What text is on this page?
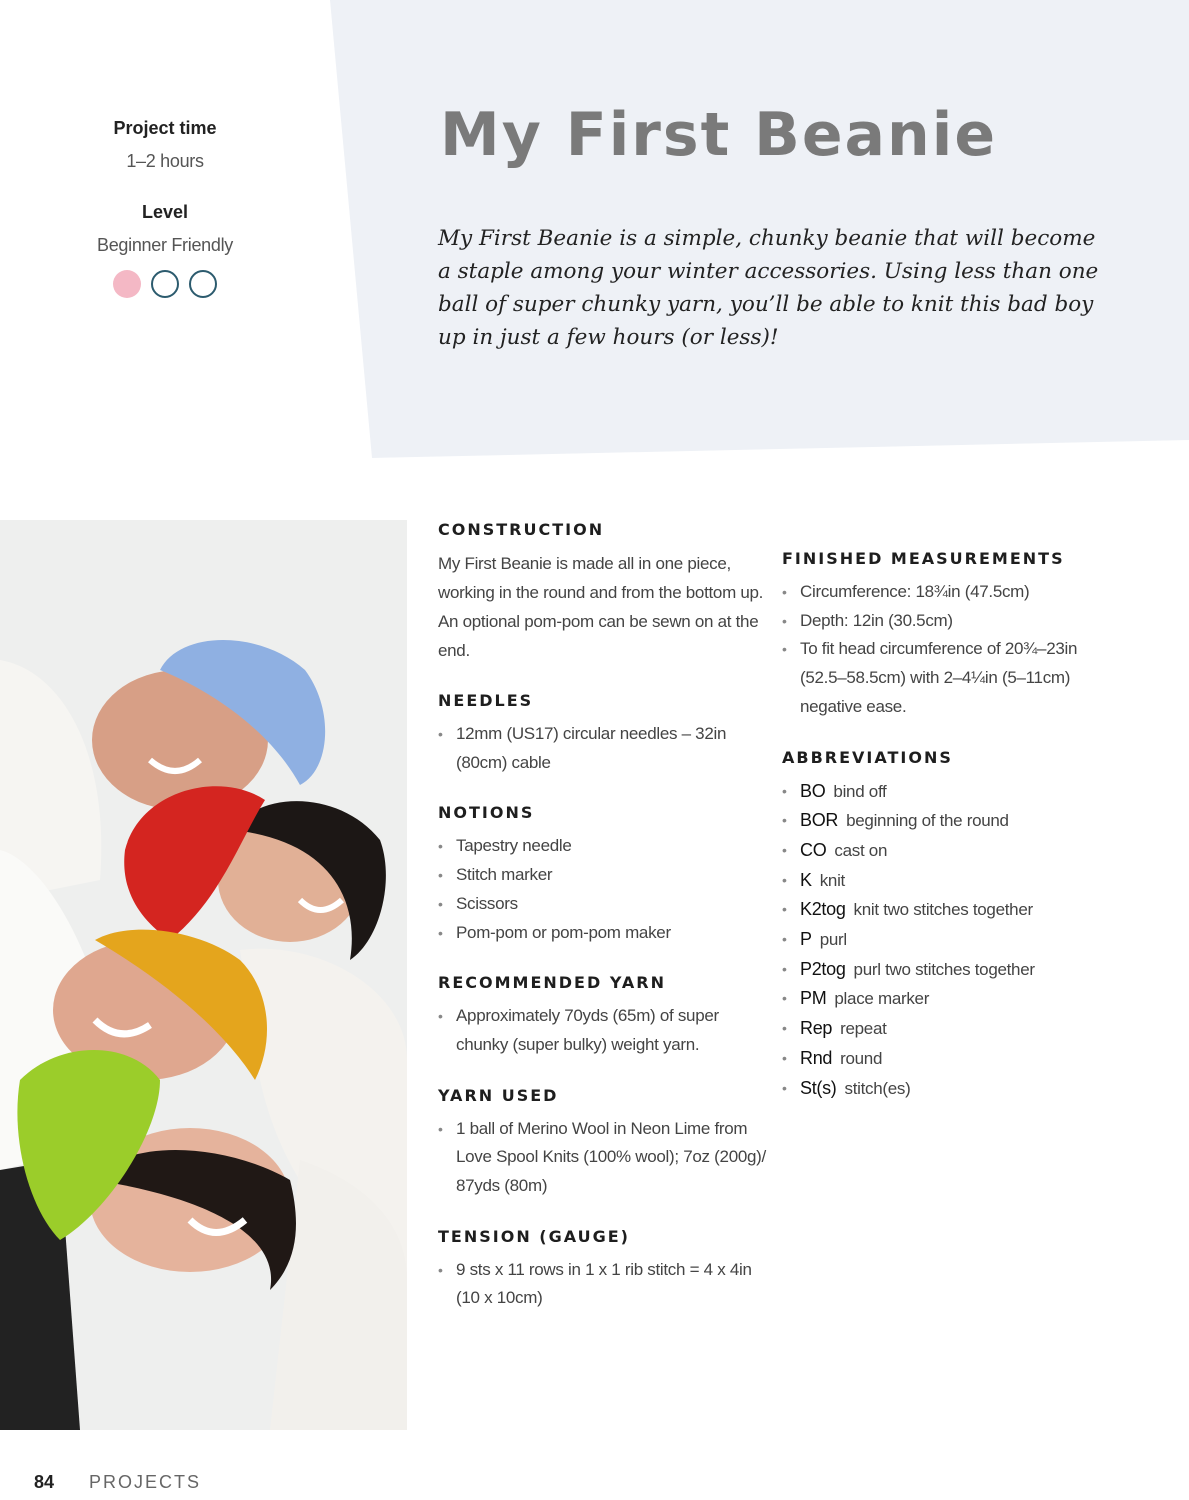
Project time
1–2 hours
Level
Beginner Friendly
My First Beanie

My First Beanie is a simple, chunky beanie that will become a staple among your winter accessories. Using less than one ball of super chunky yarn, you’ll be able to knit this bad boy up in just a few hours (or less)!

CONSTRUCTION

My First Beanie is made all in one piece, working in the round and from the bottom up. An optional pom-pom can be sewn on at the end.

NEEDLES
• 12mm (US17) circular needles – 32in (80cm) cable
NOTIONS
• Tapestry needle
• Stitch marker
• Scissors
• Pom-pom or pom-pom maker
RECOMMENDED YARN
• Approximately 70yds (65m) of super chunky (super bulky) weight yarn.
YARN USED
• 1 ball of Merino Wool in Neon Lime from Love Spool Knits (100% wool); 7oz (200g)/ 87yds (80m)
TENSION (GAUGE)
• 9 sts x 11 rows in 1 x 1 rib stitch = 4 x 4in (10 x 10cm)
FINISHED MEASUREMENTS
• Circumference: 18¾in (47.5cm)
• Depth: 12in (30.5cm)
• To fit head circumference of 20¾–23in (52.5–58.5cm) with 2–4¼in (5–11cm) negative ease.
ABBREVIATIONS
• BO bind off
• BOR beginning of the round
• CO cast on
• K knit
• K2tog knit two stitches together
• P purl
• P2tog purl two stitches together
• PM place marker
• Rep repeat
• Rnd round
• St(s) stitch(es)
84 PROJECTS
